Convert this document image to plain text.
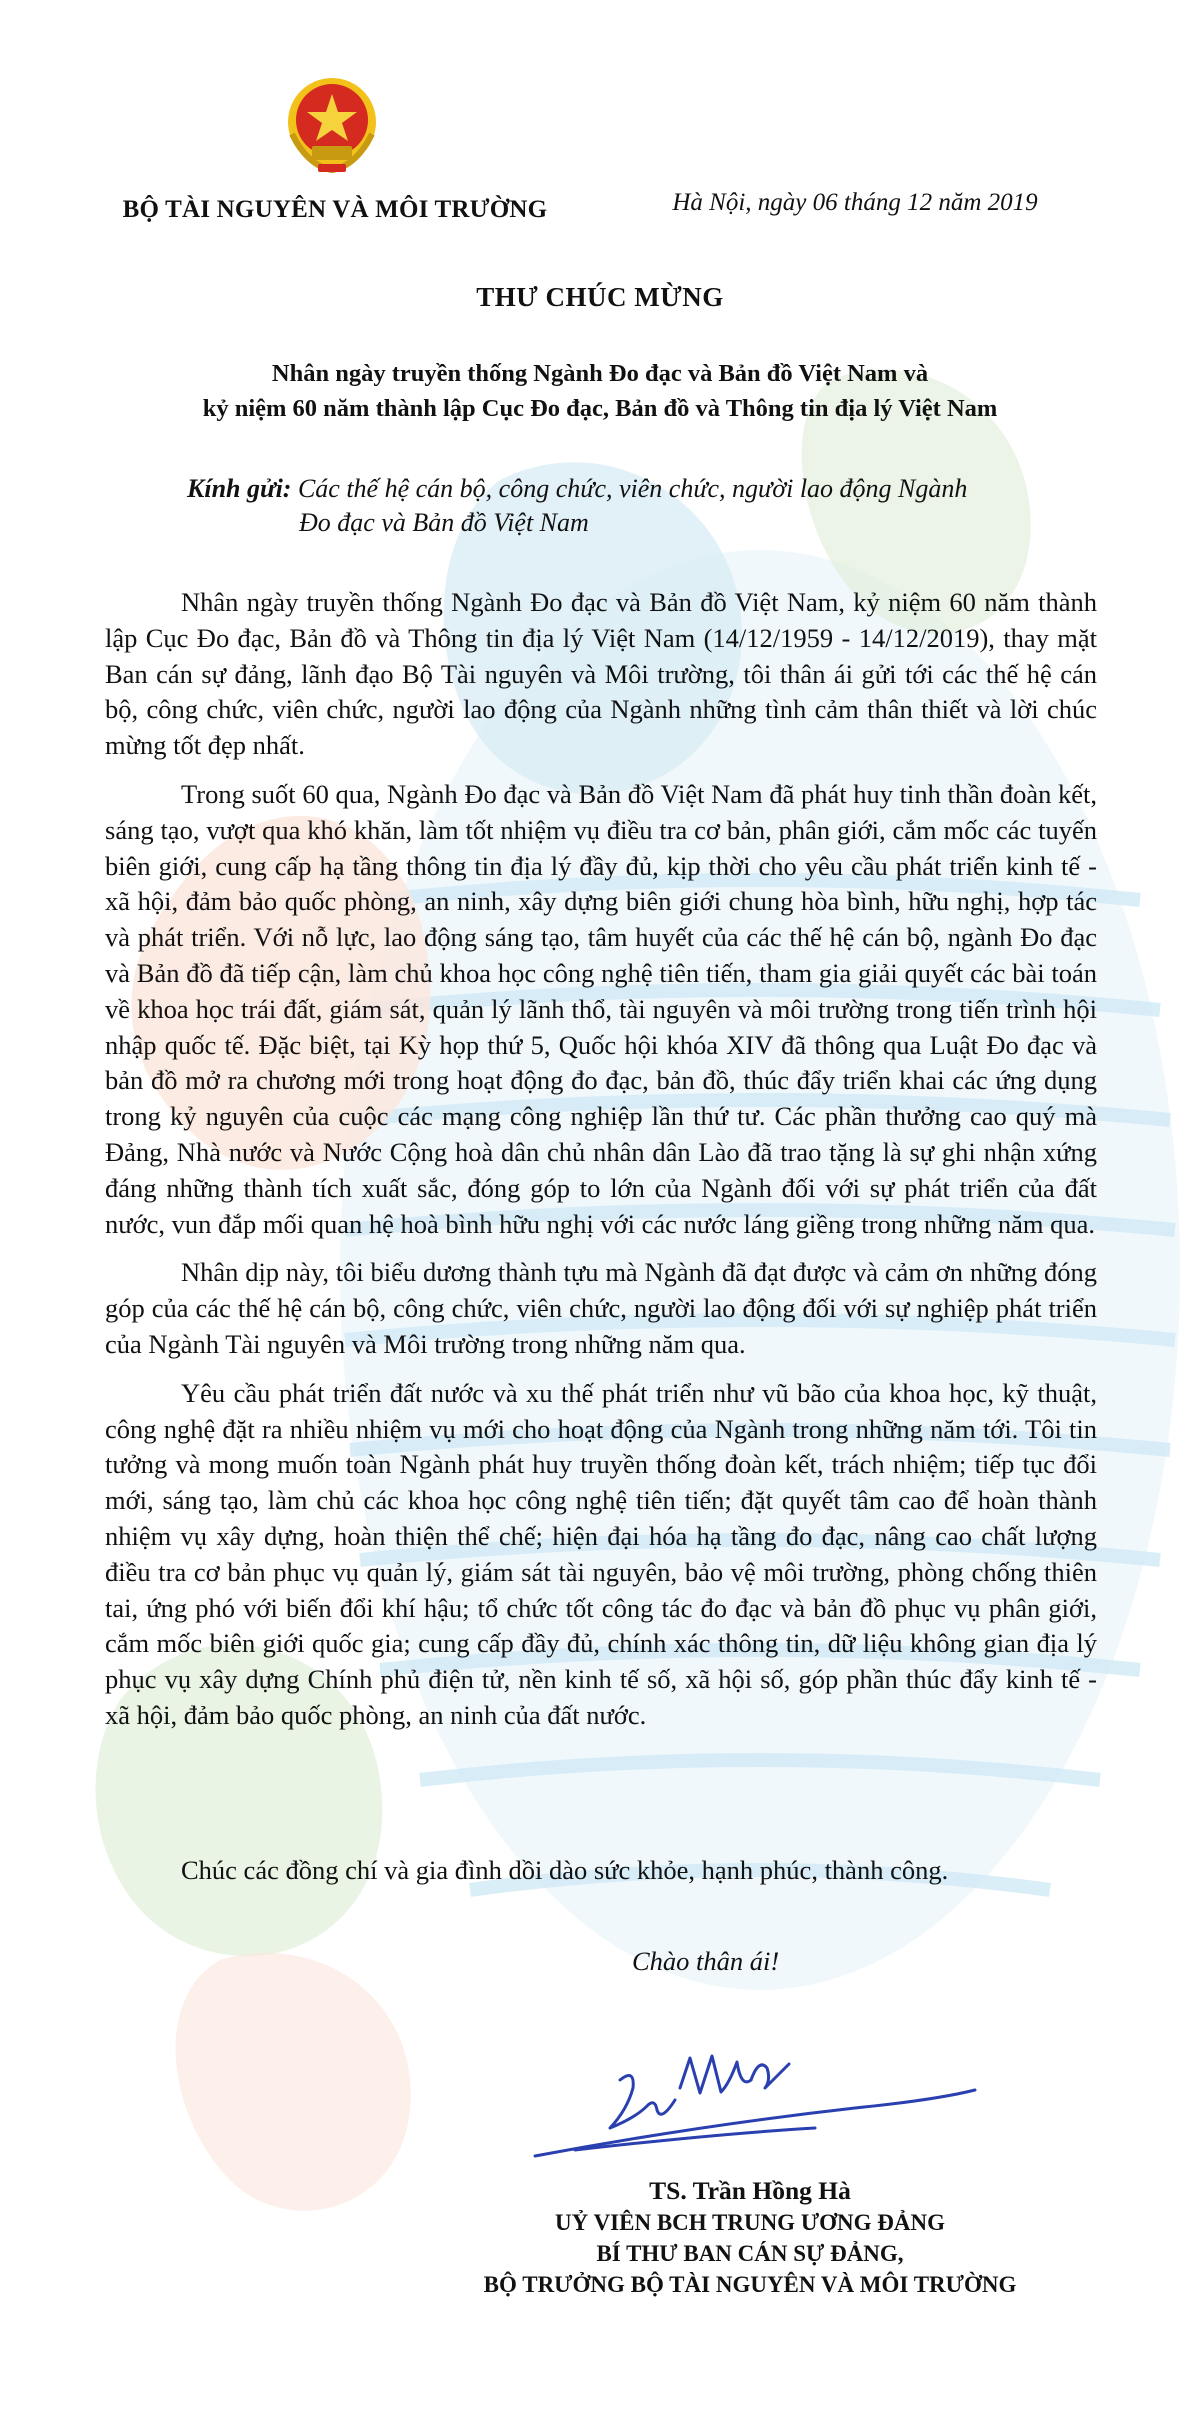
BỘ TÀI NGUYÊN VÀ MÔI TRƯỜNG	Hà Nội, ngày 06 tháng 12 năm 2019
THƯ CHÚC MỪNG
Nhân ngày truyền thống Ngành Đo đạc và Bản đồ Việt Nam và
kỷ niệm 60 năm thành lập Cục Đo đạc, Bản đồ và Thông tin địa lý Việt Nam
Kính gửi: Các thế hệ cán bộ, công chức, viên chức, người lao động Ngành
Đo đạc và Bản đồ Việt Nam

Nhân ngày truyền thống Ngành Đo đạc và Bản đồ Việt Nam, kỷ niệm 60 năm thành lập Cục Đo đạc, Bản đồ và Thông tin địa lý Việt Nam (14/12/1959 - 14/12/2019), thay mặt Ban cán sự đảng, lãnh đạo Bộ Tài nguyên và Môi trường, tôi thân ái gửi tới các thế hệ cán bộ, công chức, viên chức, người lao động của Ngành những tình cảm thân thiết và lời chúc mừng tốt đẹp nhất.

Trong suốt 60 qua, Ngành Đo đạc và Bản đồ Việt Nam đã phát huy tinh thần đoàn kết, sáng tạo, vượt qua khó khăn, làm tốt nhiệm vụ điều tra cơ bản, phân giới, cắm mốc các tuyến biên giới, cung cấp hạ tầng thông tin địa lý đầy đủ, kịp thời cho yêu cầu phát triển kinh tế - xã hội, đảm bảo quốc phòng, an ninh, xây dựng biên giới chung hòa bình, hữu nghị, hợp tác và phát triển. Với nỗ lực, lao động sáng tạo, tâm huyết của các thế hệ cán bộ, ngành Đo đạc và Bản đồ đã tiếp cận, làm chủ khoa học công nghệ tiên tiến, tham gia giải quyết các bài toán về khoa học trái đất, giám sát, quản lý lãnh thổ, tài nguyên và môi trường trong tiến trình hội nhập quốc tế. Đặc biệt, tại Kỳ họp thứ 5, Quốc hội khóa XIV đã thông qua Luật Đo đạc và bản đồ mở ra chương mới trong hoạt động đo đạc, bản đồ, thúc đẩy triển khai các ứng dụng trong kỷ nguyên của cuộc các mạng công nghiệp lần thứ tư. Các phần thưởng cao quý mà Đảng, Nhà nước và Nước Cộng hoà dân chủ nhân dân Lào đã trao tặng là sự ghi nhận xứng đáng những thành tích xuất sắc, đóng góp to lớn của Ngành đối với sự phát triển của đất nước, vun đắp mối quan hệ hoà bình hữu nghị với các nước láng giềng trong những năm qua.

Nhân dịp này, tôi biểu dương thành tựu mà Ngành đã đạt được và cảm ơn những đóng góp của các thế hệ cán bộ, công chức, viên chức, người lao động đối với sự nghiệp phát triển của Ngành Tài nguyên và Môi trường trong những năm qua.

Yêu cầu phát triển đất nước và xu thế phát triển như vũ bão của khoa học, kỹ thuật, công nghệ đặt ra nhiều nhiệm vụ mới cho hoạt động của Ngành trong những năm tới. Tôi tin tưởng và mong muốn toàn Ngành phát huy truyền thống đoàn kết, trách nhiệm; tiếp tục đổi mới, sáng tạo, làm chủ các khoa học công nghệ tiên tiến; đặt quyết tâm cao để hoàn thành nhiệm vụ xây dựng, hoàn thiện thể chế; hiện đại hóa hạ tầng đo đạc, nâng cao chất lượng điều tra cơ bản phục vụ quản lý, giám sát tài nguyên, bảo vệ môi trường, phòng chống thiên tai, ứng phó với biến đổi khí hậu; tổ chức tốt công tác đo đạc và bản đồ phục vụ phân giới, cắm mốc biên giới quốc gia; cung cấp đầy đủ, chính xác thông tin, dữ liệu không gian địa lý phục vụ xây dựng Chính phủ điện tử, nền kinh tế số, xã hội số, góp phần thúc đẩy kinh tế - xã hội, đảm bảo quốc phòng, an ninh của đất nước.

Chúc các đồng chí và gia đình dồi dào sức khỏe, hạnh phúc, thành công.
Chào thân ái!
TS. Trần Hồng Hà
UỶ VIÊN BCH TRUNG ƯƠNG ĐẢNG
BÍ THƯ BAN CÁN SỰ ĐẢNG,
BỘ TRƯỞNG BỘ TÀI NGUYÊN VÀ MÔI TRƯỜNG
